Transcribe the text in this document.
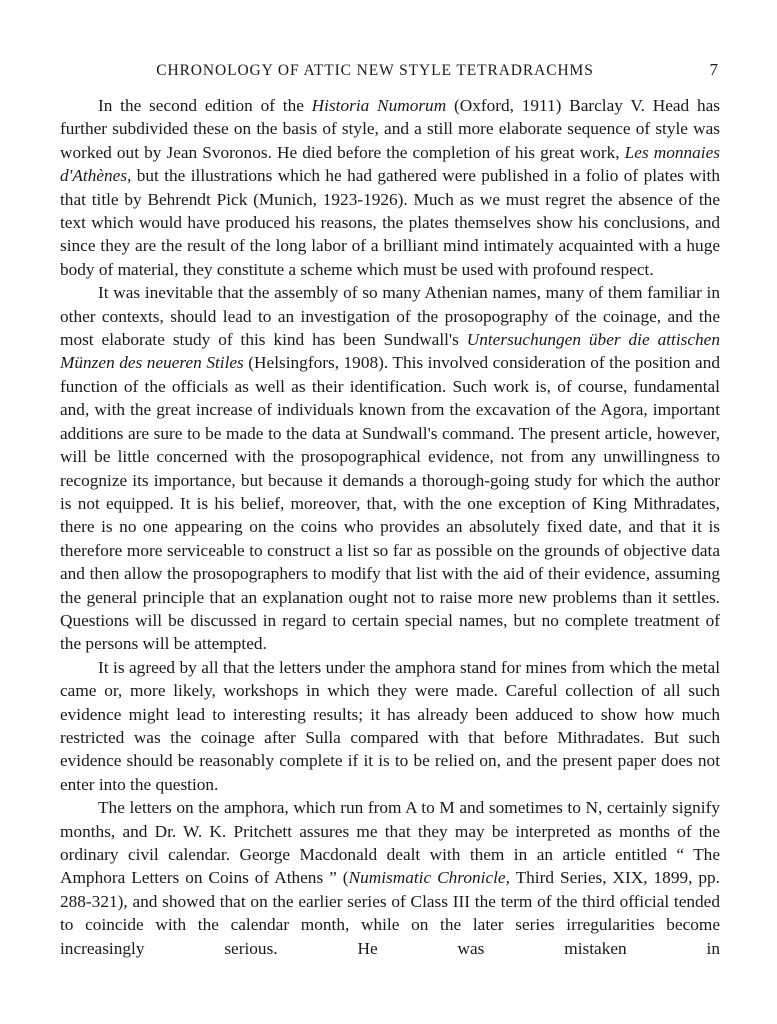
CHRONOLOGY OF ATTIC NEW STYLE TETRADRACHMS	7

In the second edition of the Historia Numorum (Oxford, 1911) Barclay V. Head has further subdivided these on the basis of style, and a still more elaborate sequence of style was worked out by Jean Svoronos. He died before the completion of his great work, Les monnaies d'Athènes, but the illustrations which he had gathered were published in a folio of plates with that title by Behrendt Pick (Munich, 1923-1926). Much as we must regret the absence of the text which would have produced his reasons, the plates themselves show his conclusions, and since they are the result of the long labor of a brilliant mind intimately acquainted with a huge body of material, they constitute a scheme which must be used with profound respect.

It was inevitable that the assembly of so many Athenian names, many of them familiar in other contexts, should lead to an investigation of the prosopography of the coinage, and the most elaborate study of this kind has been Sundwall's Untersuchungen über die attischen Münzen des neueren Stiles (Helsingfors, 1908). This involved consideration of the position and function of the officials as well as their identification. Such work is, of course, fundamental and, with the great increase of individuals known from the excavation of the Agora, important additions are sure to be made to the data at Sundwall's command. The present article, however, will be little concerned with the prosopographical evidence, not from any unwillingness to recognize its importance, but because it demands a thorough-going study for which the author is not equipped. It is his belief, moreover, that, with the one exception of King Mithradates, there is no one appearing on the coins who provides an absolutely fixed date, and that it is therefore more serviceable to construct a list so far as possible on the grounds of objective data and then allow the prosopographers to modify that list with the aid of their evidence, assuming the general principle that an explanation ought not to raise more new problems than it settles. Questions will be discussed in regard to certain special names, but no complete treatment of the persons will be attempted.

It is agreed by all that the letters under the amphora stand for mines from which the metal came or, more likely, workshops in which they were made. Careful collection of all such evidence might lead to interesting results; it has already been adduced to show how much restricted was the coinage after Sulla compared with that before Mithradates. But such evidence should be reasonably complete if it is to be relied on, and the present paper does not enter into the question.

The letters on the amphora, which run from A to M and sometimes to N, certainly signify months, and Dr. W. K. Pritchett assures me that they may be interpreted as months of the ordinary civil calendar. George Macdonald dealt with them in an article entitled “ The Amphora Letters on Coins of Athens ” (Numismatic Chronicle, Third Series, XIX, 1899, pp. 288-321), and showed that on the earlier series of Class III the term of the third official tended to coincide with the calendar month, while on the later series irregularities become increasingly serious. He was mistaken in
